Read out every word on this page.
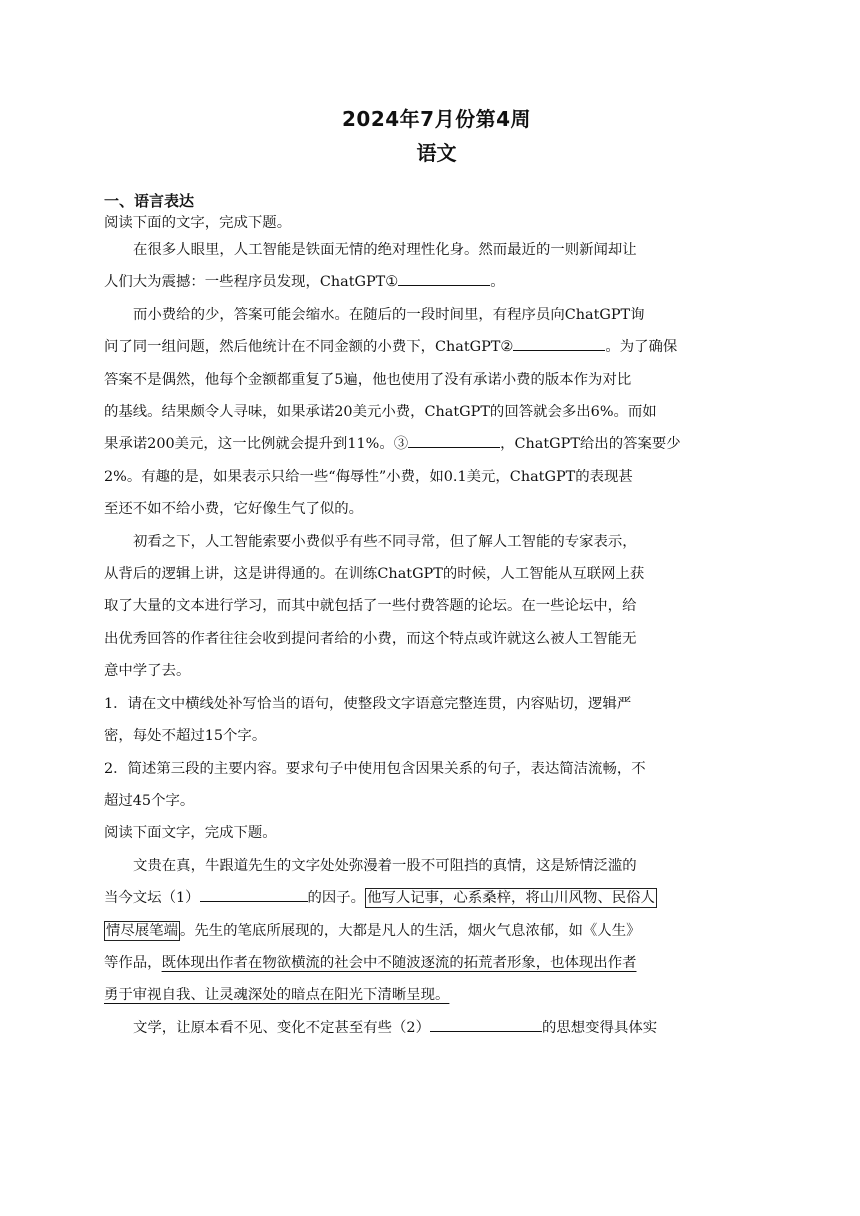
2024年7月份第4周
语文
一、语言表达
阅读下面的文字，完成下题。
在很多人眼里，人工智能是铁面无情的绝对理性化身。然而最近的一则新闻却让
人们大为震撼：一些程序员发现，ChatGPT①	。
而小费给的少，答案可能会缩水。在随后的一段时间里，有程序员向ChatGPT询
问了同一组问题，然后他统计在不同金额的小费下，ChatGPT②	。为了确保
答案不是偶然，他每个金额都重复了5遍，他也使用了没有承诺小费的版本作为对比
的基线。结果颇令人寻味，如果承诺20美元小费，ChatGPT的回答就会多出6%。而如
果承诺200美元，这一比例就会提升到11%。③	，ChatGPT给出的答案要少
2%。有趣的是，如果表示只给一些“侮辱性”小费，如0.1美元，ChatGPT的表现甚
至还不如不给小费，它好像生气了似的。
初看之下，人工智能索要小费似乎有些不同寻常，但了解人工智能的专家表示，
从背后的逻辑上讲，这是讲得通的。在训练ChatGPT的时候，人工智能从互联网上获
取了大量的文本进行学习，而其中就包括了一些付费答题的论坛。在一些论坛中，给
出优秀回答的作者往往会收到提问者给的小费，而这个特点或许就这么被人工智能无
意中学了去。
1．请在文中横线处补写恰当的语句，使整段文字语意完整连贯，内容贴切，逻辑严
密，每处不超过15个字。
2．简述第三段的主要内容。要求句子中使用包含因果关系的句子，表达简洁流畅，不
超过45个字。
阅读下面文字，完成下题。
文贵在真，牛跟道先生的文字处处弥漫着一股不可阻挡的真情，这是矫情泛滥的
当今文坛（1）	的因子。 他写人记事，心系桑梓，将山川风物、民俗人
情尽展笔端 。先生的笔底所展现的，大都是凡人的生活，烟火气息浓郁，如《人生》
等作品，既体现出作者在物欲横流的社会中不随波逐流的拓荒者形象，也体现出作者
勇于审视自我、让灵魂深处的暗点在阳光下清晰呈现。
文学，让原本看不见、变化不定甚至有些（2）	的思想变得具体实
